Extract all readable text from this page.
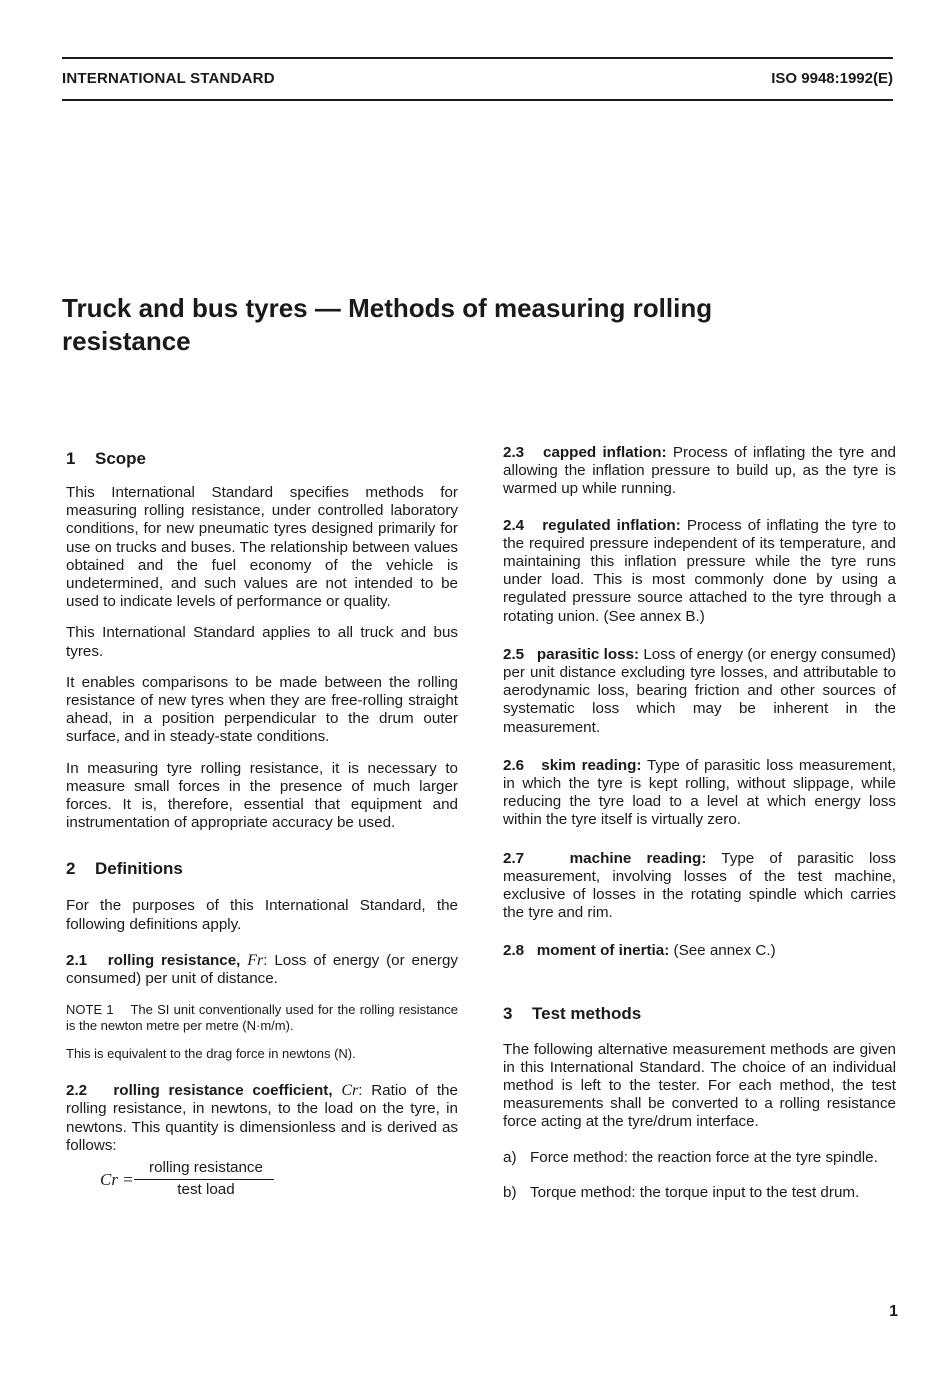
INTERNATIONAL STANDARD	ISO 9948:1992(E)
Truck and bus tyres — Methods of measuring rolling resistance
1 Scope

This International Standard specifies methods for measuring rolling resistance, under controlled laboratory conditions, for new pneumatic tyres designed primarily for use on trucks and buses. The relationship between values obtained and the fuel economy of the vehicle is undetermined, and such values are not intended to be used to indicate levels of performance or quality.

This International Standard applies to all truck and bus tyres.

It enables comparisons to be made between the rolling resistance of new tyres when they are free-rolling straight ahead, in a position perpendicular to the drum outer surface, and in steady-state conditions.

In measuring tyre rolling resistance, it is necessary to measure small forces in the presence of much larger forces. It is, therefore, essential that equipment and instrumentation of appropriate accuracy be used.

2 Definitions

For the purposes of this International Standard, the following definitions apply.

2.1 rolling resistance, Fr: Loss of energy (or energy consumed) per unit of distance.

NOTE 1 The SI unit conventionally used for the rolling resistance is the newton metre per metre (N·m/m).

This is equivalent to the drag force in newtons (N).

2.2 rolling resistance coefficient, Cr: Ratio of the rolling resistance, in newtons, to the load on the tyre, in newtons. This quantity is dimensionless and is derived as follows:

Cr =
rolling resistance
test load

2.3 capped inflation: Process of inflating the tyre and allowing the inflation pressure to build up, as the tyre is warmed up while running.

2.4 regulated inflation: Process of inflating the tyre to the required pressure independent of its temperature, and maintaining this inflation pressure while the tyre runs under load. This is most commonly done by using a regulated pressure source attached to the tyre through a rotating union. (See annex B.)

2.5 parasitic loss: Loss of energy (or energy consumed) per unit distance excluding tyre losses, and attributable to aerodynamic loss, bearing friction and other sources of systematic loss which may be inherent in the measurement.

2.6 skim reading: Type of parasitic loss measurement, in which the tyre is kept rolling, without slippage, while reducing the tyre load to a level at which energy loss within the tyre itself is virtually zero.

2.7	machine reading: Type of parasitic loss measurement, involving losses of the test machine, exclusive of losses in the rotating spindle which carries the tyre and rim.

2.8 moment of inertia: (See annex C.)

3 Test methods

The following alternative measurement methods are given in this International Standard. The choice of an individual method is left to the tester. For each method, the test measurements shall be converted to a rolling resistance force acting at the tyre/drum interface.

a) Force method: the reaction force at the tyre spindle.

b) Torque method: the torque input to the test drum.

1
